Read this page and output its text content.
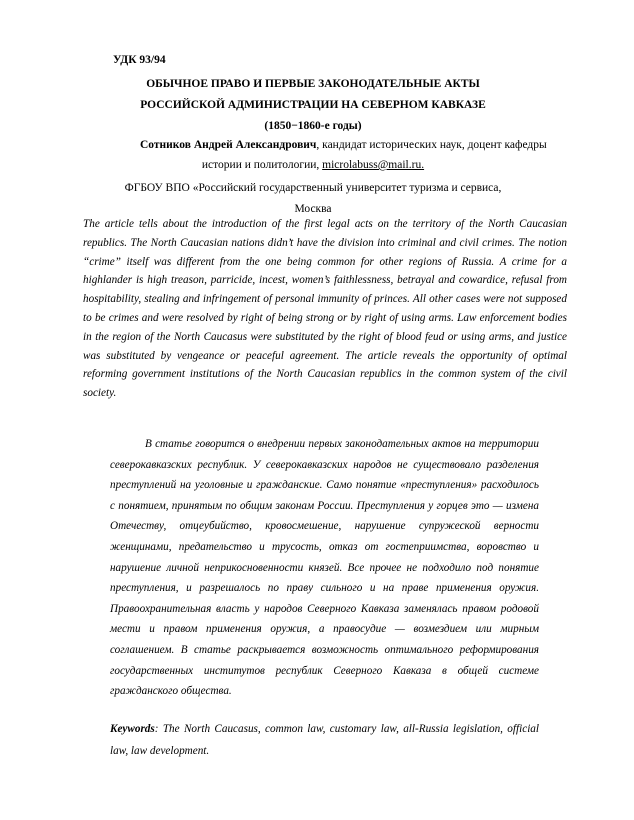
УДК 93/94
ОБЫЧНОЕ ПРАВО И ПЕРВЫЕ ЗАКОНОДАТЕЛЬНЫЕ АКТЫ
РОССИЙСКОЙ АДМИНИСТРАЦИИ НА СЕВЕРНОМ КАВКАЗЕ
(1850−1860-е годы)
Сотников Андрей Александрович, кандидат исторических наук, доцент кафедры
истории и политологии, microlabuss@mail.ru.
ФГБОУ ВПО «Российский государственный университет туризма и сервиса,
Москва
The article tells about the introduction of the first legal acts on the territory of the North Caucasian republics. The North Caucasian nations didn’t have the division into criminal and civil crimes. The notion “crime” itself was different from the one being common for other regions of Russia. A crime for a highlander is high treason, parricide, incest, women’s faithlessness, betrayal and cowardice, refusal from hospitability, stealing and infringement of personal immunity of princes. All other cases were not supposed to be crimes and were resolved by right of being strong or by right of using arms. Law enforcement bodies in the region of the North Caucasus were substituted by the right of blood feud or using arms, and justice was substituted by vengeance or peaceful agreement. The article reveals the opportunity of optimal reforming government institutions of the North Caucasian republics in the common system of the civil society.
В статье говорится о внедрении первых законодательных актов на территории северокавказских республик. У северокавказских народов не существовало разделения преступлений на уголовные и гражданские. Само понятие «преступления» расходилось с понятием, принятым по общим законам России. Преступления у горцев это — измена Отечеству, отцеубийство, кровосмешение, нарушение супружеской верности женщинами, предательство и трусость, отказ от гостеприимства, воровство и нарушение личной неприкосновенности князей. Все прочее не подходило под понятие преступления, и разрешалось по праву сильного и на праве применения оружия. Правоохранительная власть у народов Северного Кавказа заменялась правом родовой мести и правом применения оружия, а правосудие — возмездием или мирным соглашением. В статье раскрывается возможность оптимального реформирования государственных институтов республик Северного Кавказа в общей системе гражданского общества.
Keywords: The North Caucasus, common law, customary law, all-Russia legislation, official law, law development.
